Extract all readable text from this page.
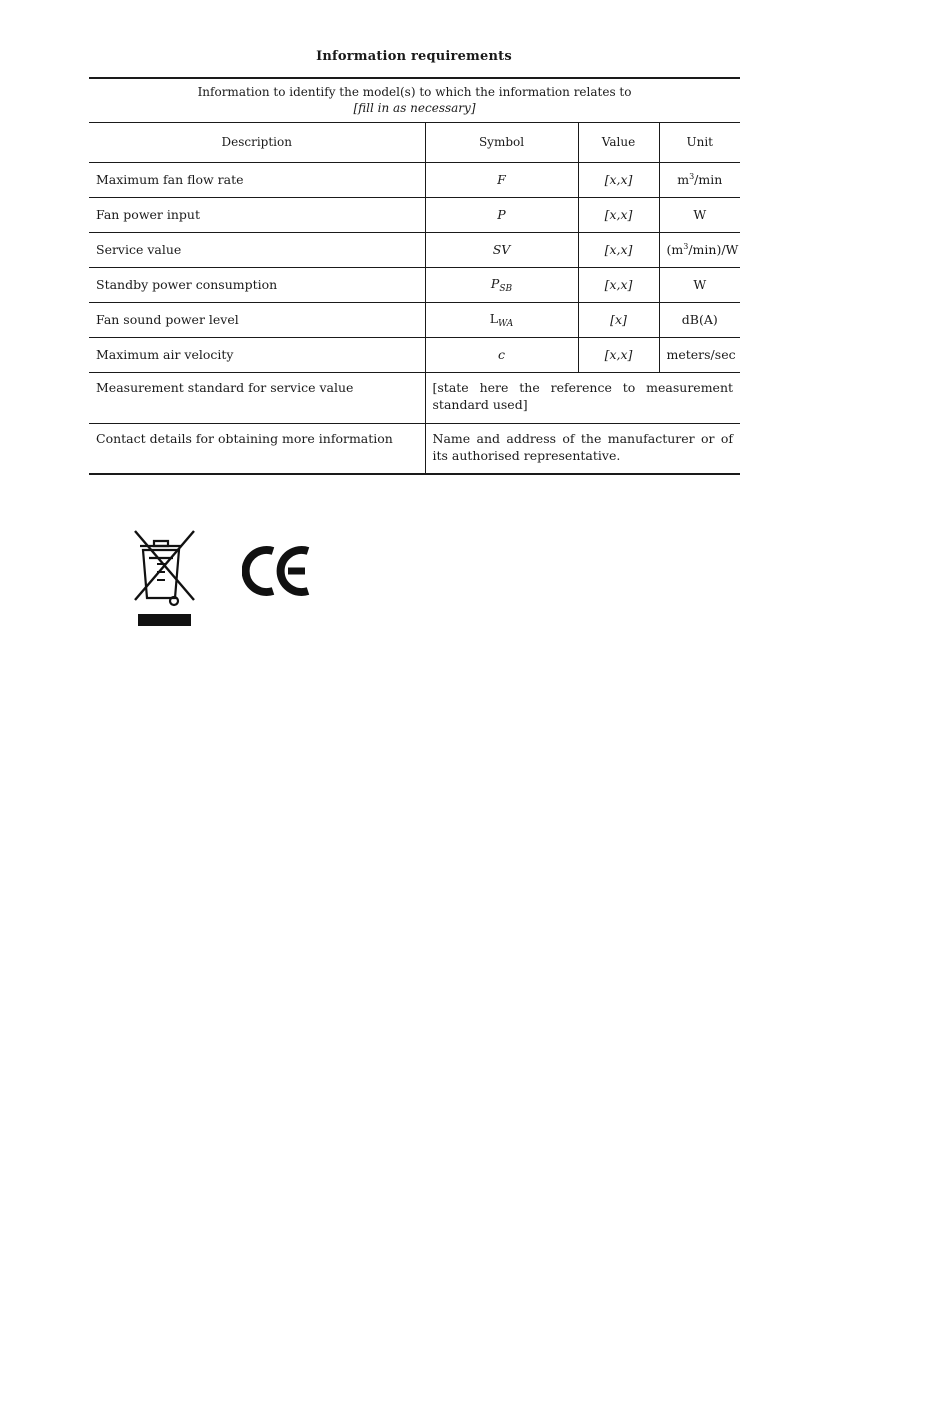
Information requirements
Information to identify the model(s) to which the information relates to
[fill in as necessary]			
Description	Symbol	Value	Unit
Maximum fan flow rate	F	[x,x]	$m^3/\min$
Fan power input	P	[x,x]	W
Service value	SV	[x,x]	$(m^3/\min)/W$
Standby power consumption	$P_{SB}$	[x,x]	W
Fan sound power level	$L_{WA}$	[x]	dB(A)
Maximum air velocity	c	[x,x]	meters/sec
Measurement standard for service value	[state here the reference to measurement standard used]		
Contact details for obtaining more information	Name and address of the manufacturer or of its authorised representative.		
